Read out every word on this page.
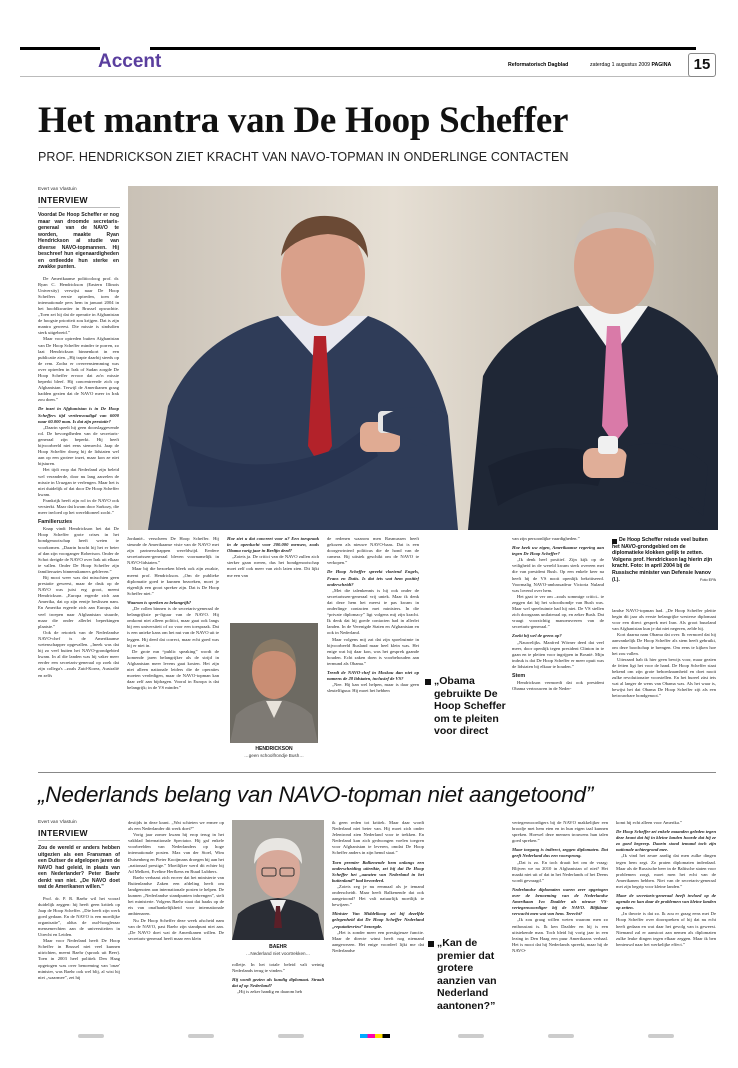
Accent	Reformatorisch Dagblad	zaterdag 1 augustus 2009 PAGINA	15
Het mantra van De Hoop Scheffer
PROF. HENDRICKSON ZIET KRACHT VAN NAVO-TOPMAN IN ONDERLINGE CONTACTEN
Evert van Vlastuin
INTERVIEW
Voordat De Hoop Scheffer er nog maar van droomde secretaris-generaal van de NAVO te worden, maakte Ryan Hendrickson al studie van diverse NAVO-topmannen. Hij beschreef hun eigenaardigheden en ontleedde hun sterke en zwakke punten.

De Amerikaanse politicoloog prof. dr. Ryan C. Hendrickson (Eastern Illinois University) verwijst naar De Hoop Scheffers eerste optreden, toen de internationale pers hem in januari 2004 in het hoofdkwartier in Brussel opwachtte. „Toen zei hij dat de operatie in Afghanistan de hoogste prioriteit zou krijgen. Dat is zijn mantra geweest. Die missie is sindsdien sterk uitgebreid.”

Maar voor optreden buiten Afghanistan van De Hoop Scheffer minder te porren, zo laat Hendrickson binnenkort in een publicatie zien. „Hij trapte daarbij steeds op de rem. Zodra er overeenstemming was over optreden in Irak of Sudan zorgde De Hoop Scheffer ervoor dat zo'n missie beperkt bleef. Hij concentreerde zich op Afghanistan. Terwijl de Amerikanen graag hadden gezien dat de NAVO meer in Irak zou doen.”

De inzet in Afghanistan is in De Hoop Scheffers tijd vertienvoudigd van 6000 naar 60.000 man. Is dat zijn prestatie?

„Daarin speelt hij geen doorslaggevende rol. De bevoegdheden van de secretaris-generaal zijn beperkt. Hij heeft bijvoorbeeld niet eens stemrecht. Jaap de Hoop Scheffer droeg bij de lidstaten wel aan op een grotere inzet, maar kon ze niet bijsturen.

Het tijdi erop dat Nederland zijn beleid wel veranderde, door nu lang aarzelen de missie in Uruzgan te verlengen. Maar het is niet duidelijk of dat door De Hoop Scheffer kwam.

Frankrijk heeft zijn rol in de NAVO ook versterkt. Maar dat kwam door Sarkozy, die meer invloed op het wereldtoneel zocht.”

Familieruzies

Knap vindt Hendrickson het dat De Hoop Scheffer grote crises in het bondgenootschap heeft weten te voorkomen. „Daarin bracht hij het er beter af dan zijn voorganger Robertson. Onder de Schot dreigde de NAVO over Irak uit elkaar te vallen. Onder De Hoop Scheffer zijn familieruzies binnenskamers gebleven.”

Bij mooi weer was dat misschien geen prestatie geweest, maar de druk op de NAVO was juist erg groot, meent Hendrickson. „Europa ergerde zich aan Amerika, dat op zijn eentje beslissen nam. En Amerika ergerde zich aan Europa, dat veel troepen naar Afghanistan stuurde, maar die onder allerlei beperkingen plaatste.”

Ook de retoriek van de Nederlandse NAVO-chef is de Amerikaanse wetenschapper opgevallen. „Ineek was dat hij zo veel buiten het NAVO-grondgebied kwam. In al die landen was hij vaker meer eerder een secretaris-generaal op zoek dat zijn collega's –zoals Zuid-Korea, Australië en zelfs

Jordanië– verscheen De Hoop Scheffer. Hij steunde de Amerikaanse visie van de NAVO met zijn partnerschappen wereldwijd. Eerdere secretarissen-generaal bleven voornamelijk in NAVO-lidstaten.”

Maar bij die bezoeken bleek ook zijn zwakte, meent prof. Hendrickson. „Om de publieke diplomatie goed te kunnen bezoeken, moet je eigenlijk een groot spreker zijn. Dat is De Hoop Scheffer niet.”

Waarom is spreken zo belangrijk?

„De rollen binnen is de secretaris-generaal de belangrijkste pr-figuur van de NAVO. Hij omkomt niet alleen politici, maar gaat ook langs bij een universiteit of zo voor een toespraak. Dat is een unieke kans om het nut van de NAVO uit te leggen. Hij deed dat correct, maar echt goed was hij er niet in.

De grote mn “public speaking” wordt de komende jaren belangrijker als de strijd in Afghanistan meer levens gaat kosten. Het zijn niet alleen nationale leiders die de operaties moeten verdedigen, maar de NAVO-topman kan daar zelf aan bijdragen. Vooral in Europa is dat belangrijk; in de VS minder.”

Hoe ziet u dat concreet voor u? Een toespraak in de openlucht voor 200.000 mensen, zoals Obama vorig jaar in Berlijn deed?

„Zoiets ja. De critici van de NAVO zullen zich sterker gaan roeren, dus het bondgenootschap moet zelf ook meer van zich laten zien. Dit lijkt me een van

HENDRICKSON
…geen schoolfrondje Bush…

de redenen waarom men Rasmussen heeft gekozen als nieuwe NAVO-baas. Dat is een doorgewinterd politicus die de hond van de camera. Bij uitstek geschikt om de NAVO te verkopen.”

De Hoop Scheffer spreekt vloeiend Engels, Frans en Duits. Is dat iets wat hem positief onderscheidt?

„Met die talenkennis is hij ook onder de secretarissen-generaal vrij uniek. Maar ik denk dat deze hem het meest te pas kwam in onderlinge contacten met ministers. In die “private diplomacy” ligt volgens mij zijn kracht. Ik denk dat hij goede contacten had in allerlei landen. In de Verenigde Staten en Afghanistan en ook in Nederland.

Maar volgens mij zat dat zijn spoelruimte in bijvoorbeeld Rusland maar heel klein was. Het enige wat hij daar kon, was het gesprek gaande houden. Echt zaken doen is voorbehouden aan termund als Obama.”

Treedt de NAVO-chef in Moskou dan niet op namens de 28 lidstaten, inclusief de VS?

„Nee. Hij kan wel helpen, maar is daar geen sleutelfiguur. Hij moet het hebben

„Obama gebruikte De Hoop Scheffer om te pleiten voor direct

van zijn persoonlijke vaardigheden.”

Hoe keek uw eigen, Amerikaanse regering aan tegen De Hoop Scheffer?

„Ik denk heel positief. Zijn kijk op de veiligheid in de wereld kwam sterk overeen met die van president Bush. Op een enkele keer na heeft hij de VS nooit openlijk bekritiseerd. Voormalig NAVO-ambassadeur Victoria Nuland was lovend over hem.

Het gaat te ver om –zoals sommige critici– te zeggen dat hij het schoothondje van Bush was. Maar wel speelruimte had hij niet. De VS stellen zich doorgaans unilateraal op, en zeker Bush. Dat vraagt voorzichtig manoeuvreren van de secretaris-generaal.”

Zoekt hij wel de grens op?

„Nauwelijks. Manfred Wörner deed dat veel meer, door openlijk tegen president Clinton in te gaan en te pleiten voor ingrijpen in Bosnië. Mijn indruk is dat De Hoop Scheffer er meer opuit was de lidstaten bij elkaar te houden.”

Stem

Hendrickson vermoedt dat ook president Obama vertrouwen in de Neder-

De Hoop Scheffer reisde veel buiten het NAVO-grondgebied om de diplomatieke klokken gelijk te zetten. Volgens prof. Hendrickson lag hierin zijn kracht. Foto: in april 2004 bij de Russische minister van Defensie Ivanov (l.).	Foto EPA

landse NAVO-topman had. „De Hoop Scheffer pleitte begin dit jaar als eerste belangrijke westerse diplomaat voor een direct gesprek met Iran. Als groot buurland van Afghanistan kun je dat niet negeren, zelde hij.

Kort daarna nam Obama dat over. Ik vermoed dat hij aanvankelijk De Hoop Scheffer als stem heeft gebruikt, om deze boodschap te brengen. Om eens te kijken hoe het zou vallen.

Uiteraard hab ik hier geen bewijs voor, maar gezien de feiten ligt het voor de hand. De Hoop Scheffer staat bekend om zijn grote behoedzaamheid en doet nooit zulke revolutionaire voorstellen. En het bureel zàst iets wat al langer de wens van Obama was. Als het waar is, bewijst het dat Obama De Hoop Scheffer zijt als een betrouwbare bondgenoot.”

„Nederlands belang van NAVO-topman niet aangetoond”
Evert van Vlastuin
INTERVIEW
Zou de wereld er anders hebben uitgezien als een Fransman of een Duitser de afgelopen jaren de NAVO had geleid, in plaats van een Nederlander? Peter Baehr denkt van niet. „De NAVO doet wat de Amerikanen willen.”

Prof. dr. P. R. Baehr wil het vooraf duidelijk zeggen: hij heeft geen kritiek op Jaap de Hoop Scheffer. „Die heeft zijn werk goed gedaan. En de NAVO is een moeilijke organisatie”, aldus de oud-hoogleraar mensenrechten aan de universiteiten in Utrecht en Leiden.

Maar voor Nederland heeft De Hoop Scheffer in Brussel niet veel kunnen uitrichten, meent Baehr (sprook uit Beer). Toen in 2003 heel politiek Den Haag opgetogen was over benoeming van 'onze' minister, was Baehr ook wel blij, al wist hij niet „waarmee”, zei hij

destijds in deze krant. „Wat schieten we ermee op als een Nederlander dit werk doet?”

Vorig jaar zomer kwam hij erop terug in het vakblad Internationale Spectator. Hij gaf enkele voorbeelden van Nederlanders op hoge internationale posten. Max van der Stoel, Wim Duisenberg en Pieter Kooijmans droegen bij aan het „nationaal prestige.” Moeilijker werd dit echter bij Ad Melkert, Eveline Herfkens en Ruud Lubbers.

Baehr verbaast zich erover dat het ministerie van Buitenlandse Zaken een afdeling heeft om landgenoten aan internationale posten te helpen. De kunnen „Nederlandse standpunten inbrengen”, stelt het ministerie. Volgens Baehr staat dat haaks op de eis van onafhankelijkheid voor internationale ambtenaren.

Nu De Hoop Scheffer deze week afscheid nam van de NAVO, past Baehr zijn standpunt niet aan. „De NAVO doet wat de Amerikanen willen. De secretaris-generaal heeft maar een klein

BAEHR
…Nederland niet voortrekken…

rolletje. In het totale beleid valt weinig Nederlands terug te vinden.”

Hij wordt gezien als kundig diplomaat. Straalt dat af op Nederland?

„Hij is zeker handig en daarom heb

ik geen reden tot kritiek. Maar daar wordt Nederland niet beter van. Hij moet zich onder Jelentrond zien Nederland voor te trekken. En Nederland kan zich gedwongen voelen toegren voor Afghanistan te leveren, omdat De Hoop Scheffer anders in zijn hemd staat.”

Toen premier Balkenende hem onlangs een onderscheiding uitreikte, zei hij dat De Hoop Scheffer het „aanzien van Nederland in het buitenland” had bevorderd.

„Zoiets zeg je nu eenmaal als je iemand onderscheidt. Maar heeft Balkenende dat ook aangetoond? Het valt natuurlijk moeilijk te bewijzen.”

Minister Van Middelkoop zei bij dezelfde gelegenheid dat De Hoop Scheffer Nederland „reputatievrieu” bezorgde.

„Het is zonder meer een prestigieuze functie. Maar de directe winst heeft nog niemand aangewezen. Het enige voordeel lijkt me dat Nederlandse

„Kan de premier dat grotere aanzien van Nederland aantonen?”

vertegenwoordigers bij de NAVO makkelijker een broodje met hem eten en in hun eigen taal kunnen spreken. Hoewel deze mensen trouwens hun talen goed spreken.”

Maar toegang is indirect, zeggen diplomaten. Dat geeft Nederland dus een voorsprong.

„Dat is zo. En toch draait het om de vraag: Blijven we na 2010 in Afghanistan of niet? Het maakt niet uit of dat in het Nederlands of het Deens wordt gevraagd.”

Nederlandse diplomaten waren zeer opgetogen over de benoeming van de Nederlandse Amerikaan Ivo Daalder als nieuwe VS-vertegenwoordiger bij de NAVO. Blijkbaar verwacht men wat van hem. Terecht?

„Ik zou graag willen weten waarom men zo enthousiast is. Ik ken Daalder en hij is een uitstekende man. Toch bleid hij vorig jaar in een lezing in Den Haag een puur Amerikaans verhaal. Het is mooi dat hij Nederlands spreekt, maar hij de NAVO-

komt hij echt alleen voor Amerika.”

De Hoop Scheffer zei enkele maanden geleden tegen deze krant dat hij in kleine landen hoorde dat hij ze zo goed begreep. Daarin stond iemand toch zijn nationale achtergrond mee.

„Ik vind het zeure aardig dat men zulke dingen tegen hem zegt. Zo praten diplomaten inderdaad. Maar als de Russische beer in de Baltische staten voor problemen zorgt, moet men het echt van de Amerikanen hebben. Niet van de secretaris-generaal met zijn begrip voor kleine landen.”

Maar de secretaris-generaal heeft invloed op de agenda en kan daar de problemen van kleine landen op zetten.

„In theorie is dat zo. Ik zou er graag eens met De Hoop Scheffer over doorspreken of hij dat nu echt heeft gedaan en wat daar het gevolg van is geweest. Niemand zal er aanstoot aan nemen als diplomaten zulke leuke dingen tegen elkaar zeggen. Maar ik ben benieuwd naar het werkelijke effect.”
